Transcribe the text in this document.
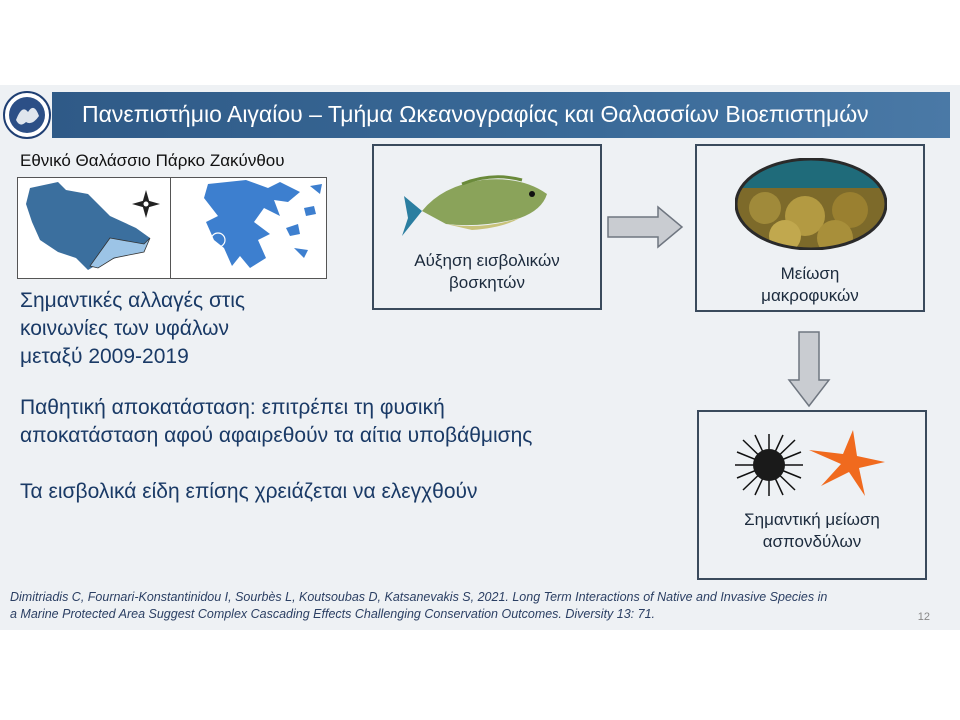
Πανεπιστήμιο Αιγαίου – Τμήμα Ωκεανογραφίας και Θαλασσίων Βιοεπιστημών
Εθνικό Θαλάσσιο Πάρκο Ζακύνθου
Σημαντικές αλλαγές στις
κοινωνίες των υφάλων
μεταξύ 2009-2019
Παθητική αποκατάσταση: επιτρέπει τη φυσική
αποκατάσταση αφού αφαιρεθούν τα αίτια υποβάθμισης
Τα εισβολικά είδη επίσης χρειάζεται να ελεγχθούν
Αύξηση εισβολικών
βοσκητών	Μείωση
μακροφυκών
Σημαντική μείωση
ασπονδύλων
Dimitriadis C, Fournari-Konstantinidou I, Sourbès L, Koutsoubas D, Katsanevakis S, 2021. Long Term Interactions of Native and Invasive Species in
a Marine Protected Area Suggest Complex Cascading Effects Challenging Conservation Outcomes. Diversity 13: 71.	12
